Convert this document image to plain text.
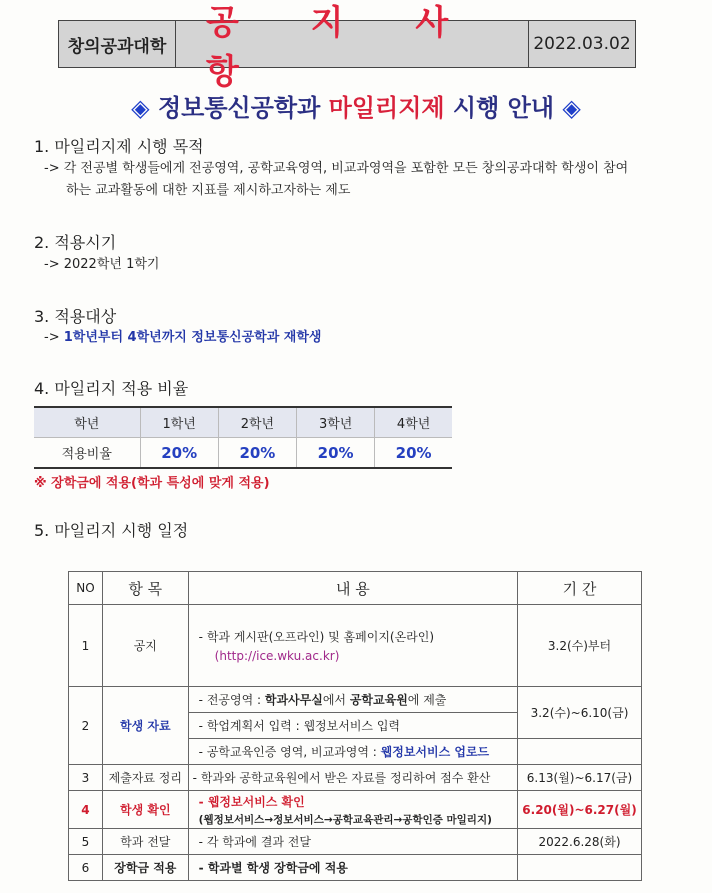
창의공과대학
공 지 사 항
2022.03.02
◈ 정보통신공학과 마일리지제 시행 안내 ◈
1. 마일리지제 시행 목적
-> 각 전공별 학생들에게 전공영역, 공학교육영역, 비교과영역을 포함한 모든 창의공과대학 학생이 참여
하는 교과활동에 대한 지표를 제시하고자하는 제도
2. 적용시기
-> 2022학년 1학기
3. 적용대상
-> 1학년부터 4학년까지 정보통신공학과 재학생
4. 마일리지 적용 비율
학년	1학년	2학년	3학년	4학년
적용비율	20%	20%	20%	20%
※ 장학금에 적용(학과 특성에 맞게 적용)
5. 마일리지 시행 일정
NO	항 목	내 용	기 간
1	공지	- 학과 게시판(오프라인) 및 홈페이지(온라인)
(http://ice.wku.ac.kr)	3.2(수)부터
2	학생 자료	- 전공영역 : 학과사무실에서 공학교육원에 제출	3.2(수)~6.10(금)
		- 학업계획서 입력 : 웹정보서비스 입력	
		- 공학교육인증 영역, 비교과영역 : 웹정보서비스 업로드	
3	제출자료 정리	- 학과와 공학교육원에서 받은 자료를 정리하여 점수 환산	6.13(월)~6.17(금)
4	학생 확인	- 웹정보서비스 확인
(웹정보서비스→정보서비스→공학교육관리→공학인증 마일리지)	6.20(월)~6.27(월)
5	학과 전달	- 각 학과에 결과 전달	2022.6.28(화)
6	장학금 적용	- 학과별 학생 장학금에 적용	
